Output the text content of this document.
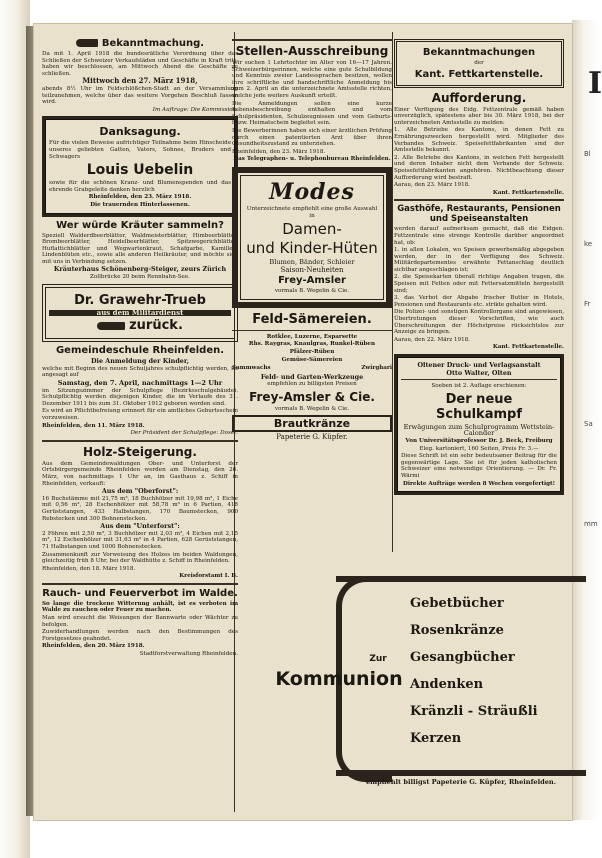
I
Bl
ke
Fr
Sa
mm
Bekanntmachung.

Da mit 1. April 1918 die bundesrätliche Verordnung über das Schließen der Schweizer Verkaufsläden und Geschäfte in Kraft tritt, haben wir beschlossen, am Mittwoch Abend die Geschäfte zu schließen.

Mittwoch den 27. März 1918,

abends 8½ Uhr im Feldschlößchen-Stadt an der Versammlung teilzunehmen, welche über das weitere Vorgehen Beschluß fassen wird.

Im Auftrage: Die Kommission.

Danksagung.

Für die vielen Beweise aufrichtiger Teilnahme beim Hinscheide unseres geliebten Gatten, Vaters, Sohnes, Bruders und Schwagers

Louis Uebelin

sowie für die schönen Kranz- und Blumenspenden und das ehrende Grabgeleite danken herzlich

Rheinfelden, den 23. März 1918.

Die trauernden Hinterlassenen.

Wer würde Kräuter sammeln?

Speziell Walderdbeerblätter, Waldmeisterblätter, Himbeerblätter, Brombeerblätter, Heidelbeerblätter, Spitzwegerichblätter, Huflattichblätter und Wegwartenkraut, Schafgarbe, Kamillen, Lindenblüten etc., sowie alle anderen Heilkräuter, und möchte sich mit uns in Verbindung setzen.

Kräuterhaus Schönenberg-Steiger, zeurs Zürich

Zollbrücke 20 beim Rennbahn-See.

Dr. Grawehr-Trueb
aus dem Militärdienst
zurück.
Gemeindeschule Rheinfelden.

Die Anmeldung der Kinder,

welche mit Beginn des neuen Schuljahres schulpflichtig werden, ist angesagt auf

Samstag, den 7. April, nachmittags 1—2 Uhr

im Sitzungszimmer der Schulpflege (Bezirksschulgebäude). Schulpflichtig werden diejenigen Kinder, die im Verlaufe des 31. Dezember 1911 bis zum 31. Oktober 1912 geboren worden sind.

Es wird an Pflichtbefreiung erinnert für ein amtliches Geburtsschein vorzuweisen.

Rheinfelden, den 11. März 1918.

Der Präsident der Schulpflege: Doser.

Holz-Steigerung.

Aus dem Gemeindewaldungen Ober- und Unterforst der Ortsbürgergemeinde Rheinfelden werden am Dienstag, den 26. März, von nachmittags 1 Uhr an, im Gasthaus z. Schiff in Rheinfelden, verkauft:

Aus dem "Oberforst":

16 Buchstämme mit 21,75 m³, 18 Buchhölzer mit 19,98 m³, 1 Eiche mit 0,56 m³, 28 Eschenhölzer mit 58,78 m³ in 6 Partien, 418 Gerüststangen, 433 Halbstangen, 170 Baumstecken, 900 Rebstecken und 300 Bohnenstecken.

Aus dem "Unterforst":

2 Föhren mit 2,50 m³, 3 Buchhölzer mit 2,03 m³, 4 Eichen mit 2,15 m³, 12 Eschenhölzer mit 31,63 m³ in 4 Partien, 628 Gerüststangen, 71 Halbstangen und 1000 Bohnenstecken.

Zusammenkunft zur Vorweisung des Holzes im beiden Waldungen, gleichzeitig früh 8 Uhr, bei der Waldhütte z. Schiff in Rheinfelden.

Rheinfelden, den 18. März 1918.

Kreisforstamt I. B.

Rauch- und Feuerverbot im Walde.

So lange die trockene Witterung anhält, ist es verboten im Walde zu rauchen oder Feuer zu machen.

Man wird ersucht die Weisungen der Bannwarte oder Wächter zu befolgen.

Zuwiderhandlungen werden nach den Bestimmungen des Forstgesetzes geahndet.

Rheinfelden, den 20. März 1918.

Stadtforstverwaltung Rheinfelden.

Stellen-Ausschreibung

Wir suchen 1 Lehrtochter im Alter von 16—17 Jahren. Schweizerbürgerinnen, welche eine gute Schulbildung und Kenntnis zweier Landessprachen besitzen, wollen ihre schriftliche und handschriftliche Anmeldung bis zum 2. April an die unterzeichnete Amtsstelle richten, welche jede weitere Auskunft erteilt.

Die Anmeldungen sollen eine kurze Lebensbeschreibung enthalten und vom Schulpräsidenten, Schulzeugnissen und vom Geburts- bezw. Heimatschein begleitet sein.

Die Bewerberinnen haben sich einer ärztlichen Prüfung durch einen patentierten Arzt über ihren Gesundheitszustand zu unterziehen.

Rheinfelden, den 23. März 1918.

Das Telegraphen- u. Telephonbureau Rheinfelden.

Modes

Unterzeichnete empfiehlt eine große Auswahl in

Damen-
und Kinder-Hüten

Blumen, Bänder, Schleier

Saison-Neuheiten

Frey-Amsler

vormals B. Wegelin & Cie.

Feld-Sämereien.

Rotklee, Luzerne, Esparsette

Rhs. Raygras, Knaulgras, Runkel-Rüben

Pfälzer-Rüben

Gemüse-Sämereien

Sammwachs	Zwirghari

Feld- und Garten-Werkzeuge

empfehlen zu billigsten Preisen

Frey-Amsler & Cie.

vormals B. Wegelin & Cie.

Brautkränze

Papeterie G. Küpfer.

Bekanntmachungen

der

Kant. Fettkartenstelle.
Aufforderung.

Einer Verfügung des Eidg. Fettzentrale gemäß haben unverzüglich, spätestens aber bis 30. März 1918, bei der unterzeichneten Amtsstelle zu melden:

1. Alle Betriebe des Kantons, in denen Fett zu Ernährungszwecken hergestellt wird. Mitglieder des Verbandes Schweiz. Speisefettfabrikanten sind der Amtsstelle bekannt.

2. Alle Betriebe des Kantons, in welchen Fett hergestellt und deren Inhaber nicht dem Verbande der Schweiz. Speisefettfabrikanten angehören. Nichtbeachtung dieser Aufforderung wird bestraft.

Aarau, den 23. März 1918.

Kant. Fettkartenstelle.

Gasthöfe, Restaurants, Pensionen und Speiseanstalten

werden darauf aufmerksam gemacht, daß die Eidgen. Fettzentrale eine strenge Kontrolle darüber angeordnet hat, ob:

1. in allen Lokalen, wo Speisen gewerbsmäßig abgegeben werden, der in der Verfügung des Schweiz. Militärdepartementes erwähnte Fettanschlag deutlich sichtbar angeschlagen ist;

2. die Speisekarten überall richtige Angaben tragen, die Speisen mit Fetten oder mit Fettersatzmitteln hergestellt sind;

3. das Verbot der Abgabe frischer Butter in Hotels, Pensionen und Restaurants etc. strikte gehalten wird.

Die Polizei- und sonstigen Kontrollorgane sind angewiesen, Übertretungen dieser Vorschriften, wie auch Überschreitungen der Höchstpreise rücksichtslos zur Anzeige zu bringen.

Aarau, den 22. März 1918.

Kant. Fettkartenstelle.

Oltener Druck- und Verlagsanstalt

Otto Walter, Olten

Soeben ist 2. Auflage erschienen:

Der neue Schulkampf

Erwägungen zum Schulprogramm Wettstein-Calonder

Von Universitätsprofessor Dr. J. Beck, Freiburg

Eleg. kartoniert, 160 Seiten, Preis Fr. 3.—

Diese Schrift ist ein sehr bedeutsamer Beitrag für die gegenwärtige Lage. Sie ist für jeden katholischen Schweizer eine notwendige Orientierung. — Dr. Fr. Wärmi

Direkte Aufträge werden 8 Wochen vorgefertigt!

Zur
Kommunion
Gebetbücher
Rosenkränze
Gesangbücher
Andenken
Kränzli - Sträußli
Kerzen
empfiehlt billigst Papeterie G. Küpfer, Rheinfelden.
